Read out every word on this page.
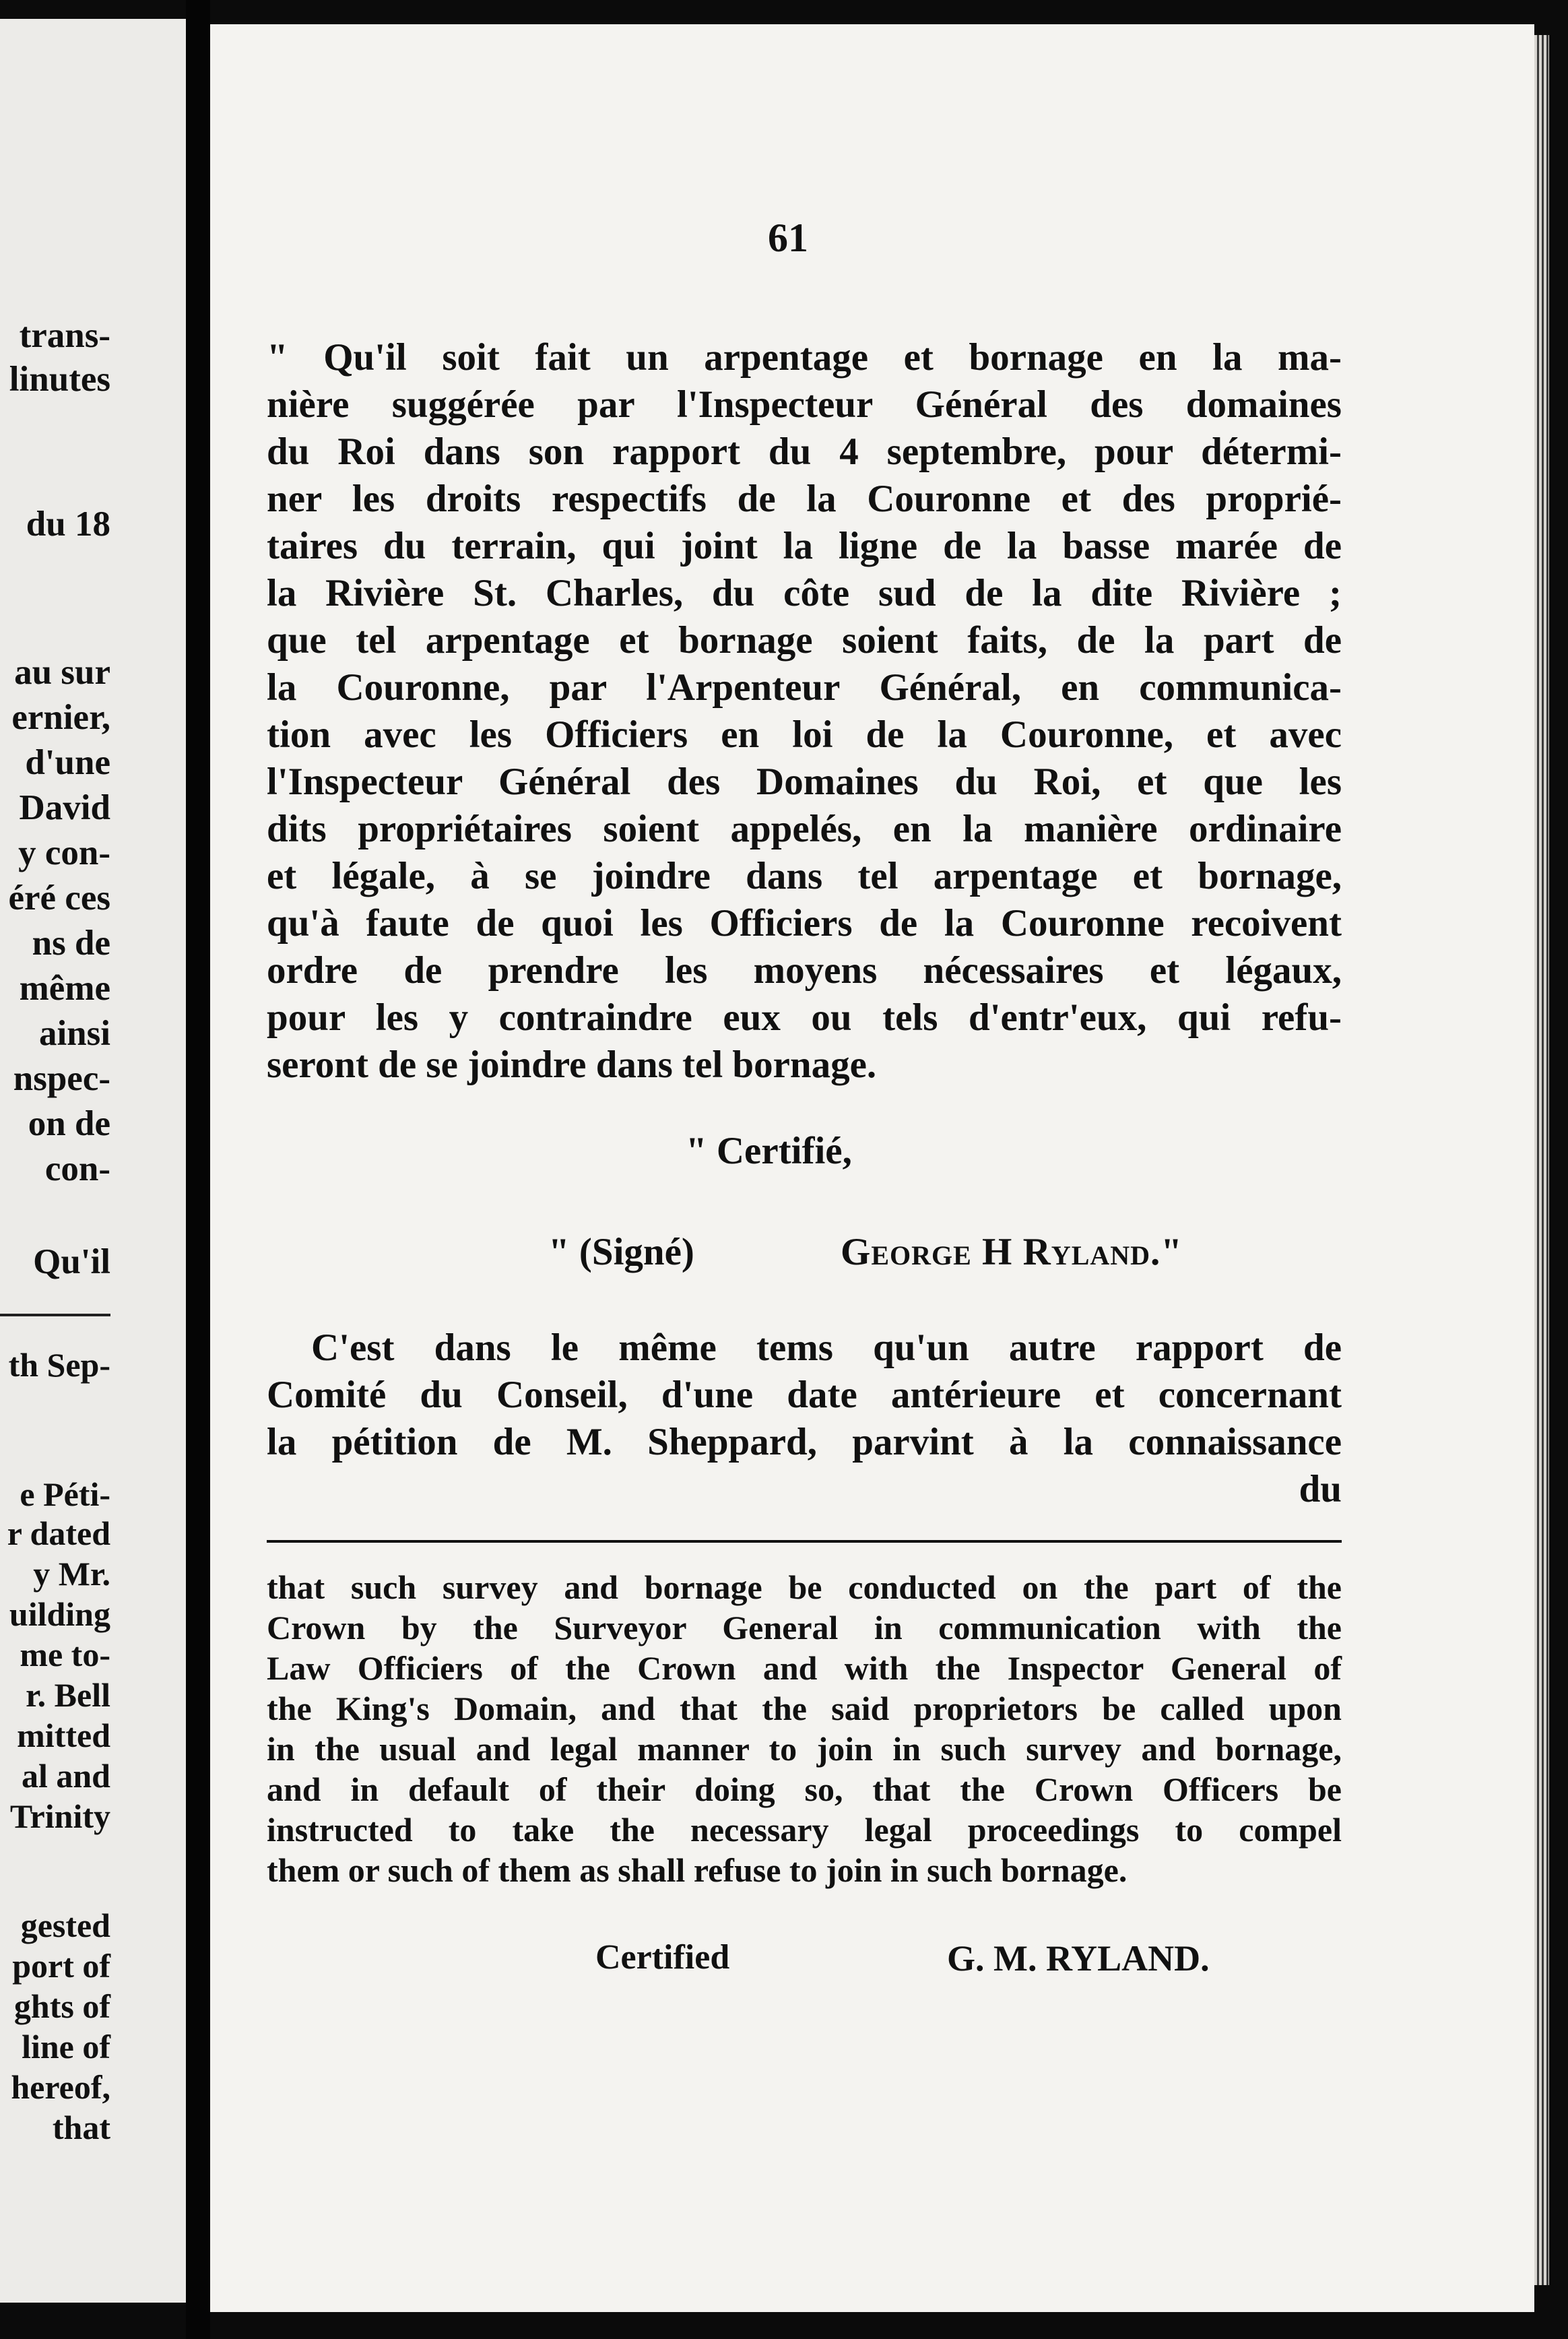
trans-
linutes
du 18
au sur
ernier,
d'une
David
y con-
éré ces
ns de
même
ainsi
nspec-
on de
con-
Qu'il
th Sep-
e Péti-
r dated
y Mr.
uilding
me to-
r. Bell
mitted
al and
Trinity
gested
port of
ghts of
line of
hereof,
that
61
" Qu'il soit fait un arpentage et bornage en la ma-
nière suggérée par l'Inspecteur Général des domaines
du Roi dans son rapport du 4 septembre, pour détermi-
ner les droits respectifs de la Couronne et des proprié-
taires du terrain, qui joint la ligne de la basse marée de
la Rivière St. Charles, du côte sud de la dite Rivière ;
que tel arpentage et bornage soient faits, de la part de
la Couronne, par l'Arpenteur Général, en communica-
tion avec les Officiers en loi de la Couronne, et avec
l'Inspecteur Général des Domaines du Roi, et que les
dits propriétaires soient appelés, en la manière ordinaire
et légale, à se joindre dans tel arpentage et bornage,
qu'à faute de quoi les Officiers de la Couronne recoivent
ordre de prendre les moyens nécessaires et légaux,
pour les y contraindre eux ou tels d'entr'eux, qui refu-
seront de se joindre dans tel bornage.
" Certifié,
" (Signé)	George H Ryland."
C'est dans le même tems qu'un autre rapport de
Comité du Conseil, d'une date antérieure et concernant
la pétition de M. Sheppard, parvint à la connaissance
du
that such survey and bornage be conducted on the part of the
Crown by the Surveyor General in communication with the
Law Officiers of the Crown and with the Inspector General of
the King's Domain, and that the said proprietors be called upon
in the usual and legal manner to join in such survey and bornage,
and in default of their doing so, that the Crown Officers be
instructed to take the necessary legal proceedings to compel
them or such of them as shall refuse to join in such bornage.
Certified	G. M. RYLAND.
